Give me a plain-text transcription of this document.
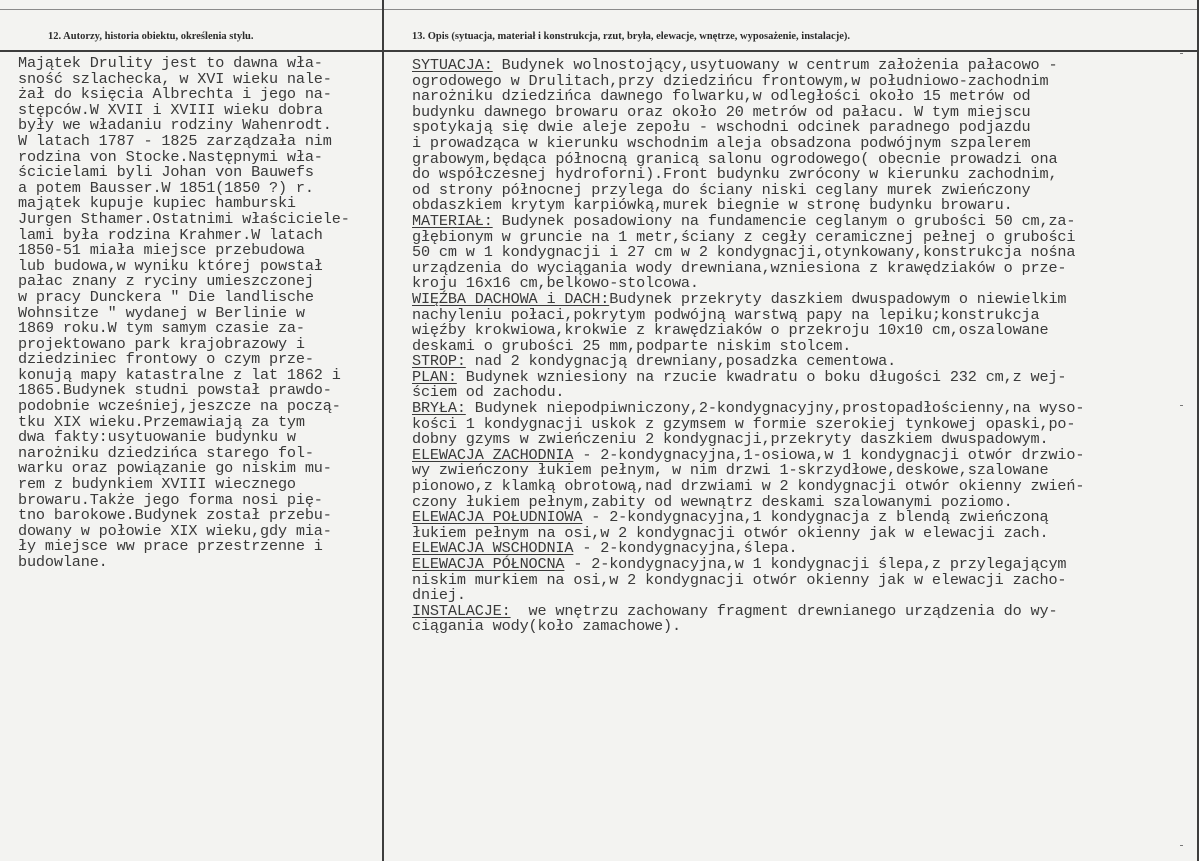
12. Autorzy, historia obiektu, określenia stylu.	13. Opis (sytuacja, materiał i konstrukcja, rzut, bryła, elewacje, wnętrze, wyposażenie, instalacje).
Majątek Drulity jest to dawna wła-
sność szlachecka, w XVI wieku nale-
żał do księcia Albrechta i jego na-
stępców.W XVII i XVIII wieku dobra
były we władaniu rodziny Wahenrodt.
W latach 1787 - 1825 zarządzała nim
rodzina von Stocke.Następnymi wła-
ścicielami byli Johan von Bauwefs
a potem Bausser.W 1851(1850 ?) r.
majątek kupuje kupiec hamburski
Jurgen Sthamer.Ostatnimi właściciele-
lami była rodzina Krahmer.W latach
1850-51 miała miejsce przebudowa
lub budowa,w wyniku której powstał
pałac znany z ryciny umieszczonej
w pracy Dunckera " Die landlische
Wohnsitze " wydanej w Berlinie w
1869 roku.W tym samym czasie za-
projektowano park krajobrazowy i
dziedziniec frontowy o czym prze-
konują mapy katastralne z lat 1862 i
1865.Budynek studni powstał prawdo-
podobnie wcześniej,jeszcze na począ-
tku XIX wieku.Przemawiają za tym
dwa fakty:usytuowanie budynku w
narożniku dziedzińca starego fol-
warku oraz powiązanie go niskim mu-
rem z budynkiem XVIII wiecznego
browaru.Także jego forma nosi pię-
tno barokowe.Budynek został przebu-
dowany w połowie XIX wieku,gdy mia-
ły miejsce ww prace przestrzenne i
budowlane.
SYTUACJA: Budynek wolnostojący,usytuowany w centrum założenia pałacowo -
ogrodowego w Drulitach,przy dziedzińcu frontowym,w południowo-zachodnim
narożniku dziedzińca dawnego folwarku,w odległości około 15 metrów od
budynku dawnego browaru oraz około 20 metrów od pałacu. W tym miejscu
spotykają się dwie aleje zepołu - wschodni odcinek paradnego podjazdu
i prowadząca w kierunku wschodnim aleja obsadzona podwójnym szpalerem
grabowym,będąca północną granicą salonu ogrodowego( obecnie prowadzi ona
do współczesnej hydroforni).Front budynku zwrócony w kierunku zachodnim,
od strony północnej przylega do ściany niski ceglany murek zwieńczony
obdaszkiem krytym karpiówką,murek biegnie w stronę budynku browaru.
MATERIAŁ: Budynek posadowiony na fundamencie ceglanym o grubości 50 cm,za-
głębionym w gruncie na 1 metr,ściany z cegły ceramicznej pełnej o grubości
50 cm w 1 kondygnacji i 27 cm w 2 kondygnacji,otynkowany,konstrukcja nośna
urządzenia do wyciągania wody drewniana,wzniesiona z krawędziaków o prze-
kroju 16x16 cm,belkowo-stolcowa.
WIĘŹBA DACHOWA i DACH:Budynek przekryty daszkiem dwuspadowym o niewielkim
nachyleniu połaci,pokrytym podwójną warstwą papy na lepiku;konstrukcja
więźby krokwiowa,krokwie z krawędziaków o przekroju 10x10 cm,oszalowane
deskami o grubości 25 mm,podparte niskim stolcem.
STROP: nad 2 kondygnacją drewniany,posadzka cementowa.
PLAN: Budynek wzniesiony na rzucie kwadratu o boku długości 232 cm,z wej-
ściem od zachodu.
BRYŁA: Budynek niepodpiwniczony,2-kondygnacyjny,prostopadłościenny,na wyso-
kości 1 kondygnacji uskok z gzymsem w formie szerokiej tynkowej opaski,po-
dobny gzyms w zwieńczeniu 2 kondygnacji,przekryty daszkiem dwuspadowym.
ELEWACJA ZACHODNIA - 2-kondygnacyjna,1-osiowa,w 1 kondygnacji otwór drzwio-
wy zwieńczony łukiem pełnym, w nim drzwi 1-skrzydłowe,deskowe,szalowane
pionowo,z klamką obrotową,nad drzwiami w 2 kondygnacji otwór okienny zwień-
czony łukiem pełnym,zabity od wewnątrz deskami szalowanymi poziomo.
ELEWACJA POŁUDNIOWA - 2-kondygnacyjna,1 kondygnacja z blendą zwieńczoną
łukiem pełnym na osi,w 2 kondygnacji otwór okienny jak w elewacji zach.
ELEWACJA WSCHODNIA - 2-kondygnacyjna,ślepa.
ELEWACJA PÓŁNOCNA - 2-kondygnacyjna,w 1 kondygnacji ślepa,z przylegającym
niskim murkiem na osi,w 2 kondygnacji otwór okienny jak w elewacji zacho-
dniej.
INSTALACJE:  we wnętrzu zachowany fragment drewnianego urządzenia do wy-
ciągania wody(koło zamachowe).
